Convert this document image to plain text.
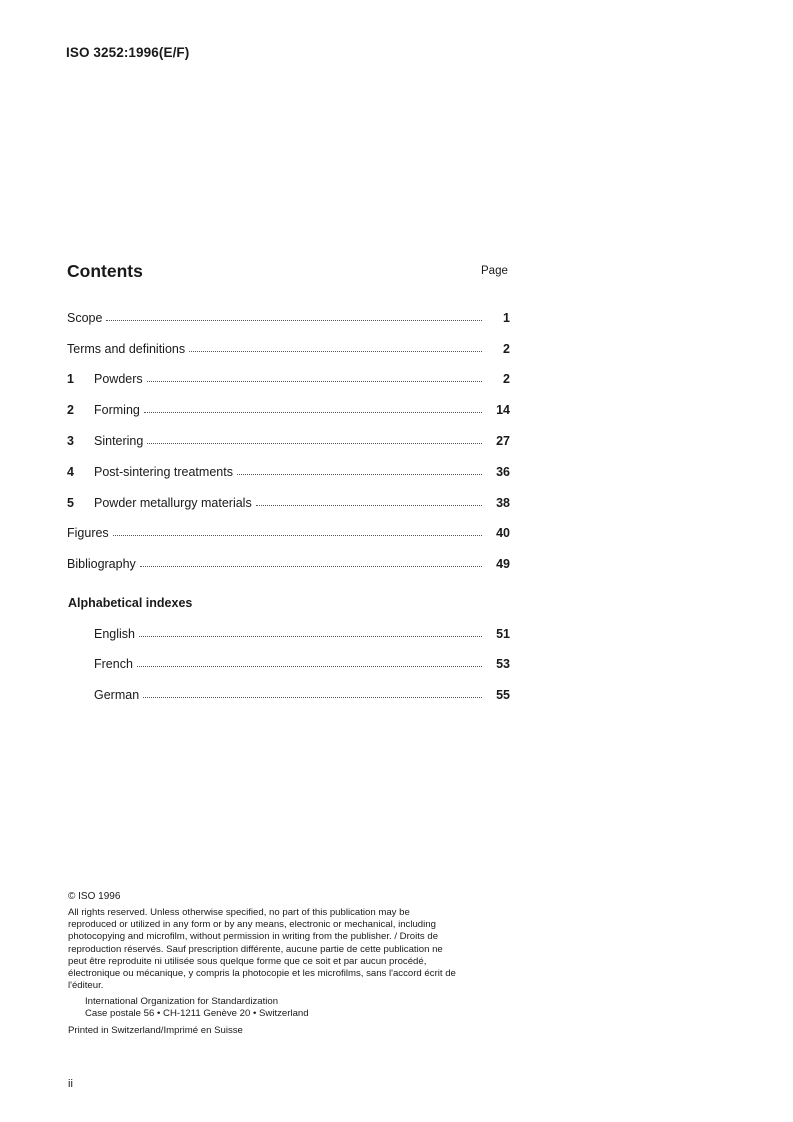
ISO 3252:1996(E/F)
Contents	Page
Scope	1
Terms and definitions	2
1	Powders	2
2	Forming	14
3	Sintering	27
4	Post-sintering treatments	36
5	Powder metallurgy materials	38
Figures	40
Bibliography	49
Alphabetical indexes
English	51
French	53
German	55
© ISO 1996
All rights reserved. Unless otherwise specified, no part of this publication may be
reproduced or utilized in any form or by any means, electronic or mechanical, including
photocopying and microfilm, without permission in writing from the publisher. / Droits de
reproduction réservés. Sauf prescription différente, aucune partie de cette publication ne
peut être reproduite ni utilisée sous quelque forme que ce soit et par aucun procédé,
électronique ou mécanique, y compris la photocopie et les microfilms, sans l'accord écrit de
l'éditeur.
International Organization for Standardization
Case postale 56 • CH-1211 Genève 20 • Switzerland
Printed in Switzerland/Imprimé en Suisse
ii
